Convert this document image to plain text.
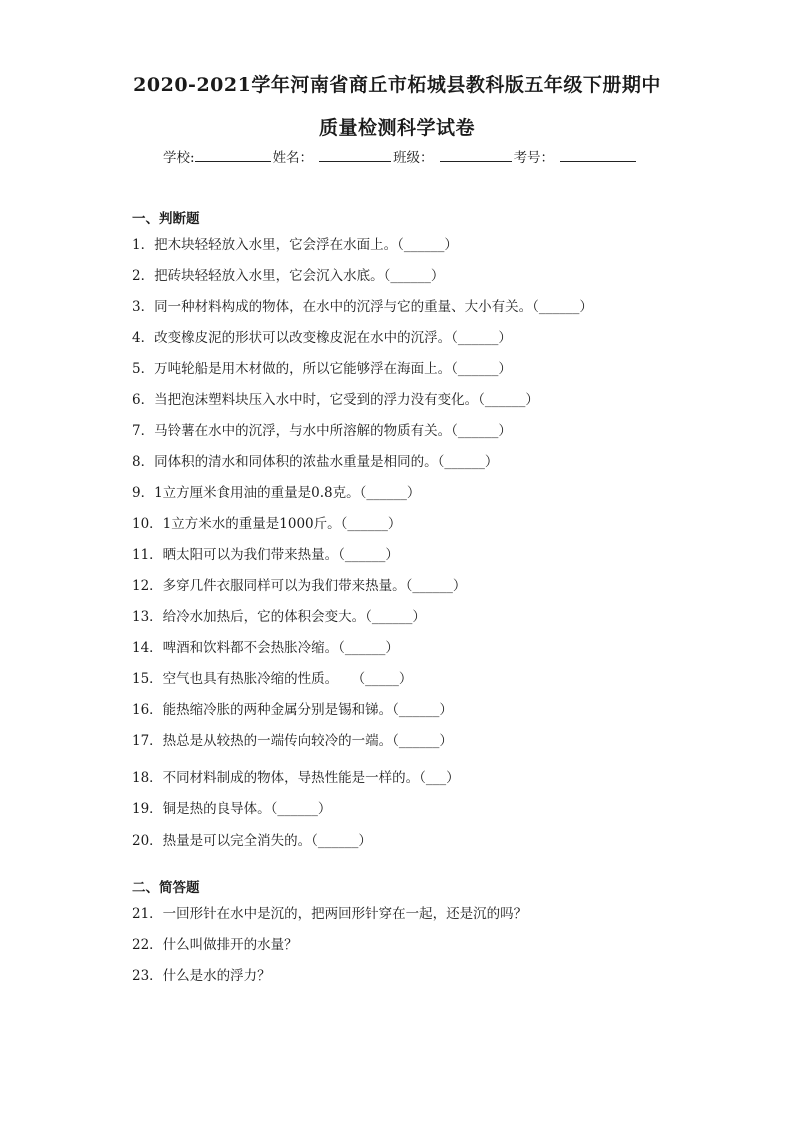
2020-2021学年河南省商丘市柘城县教科版五年级下册期中
质量检测科学试卷
学校:	姓名：	班级：	考号：
一、判断题
1．把木块轻轻放入水里，它会浮在水面上。（______）
2．把砖块轻轻放入水里，它会沉入水底。（______）
3．同一种材料构成的物体，在水中的沉浮与它的重量、大小有关。（______）
4．改变橡皮泥的形状可以改变橡皮泥在水中的沉浮。（______）
5．万吨轮船是用木材做的，所以它能够浮在海面上。（______）
6．当把泡沫塑料块压入水中时，它受到的浮力没有变化。（______）
7．马铃薯在水中的沉浮，与水中所溶解的物质有关。（______）
8．同体积的清水和同体积的浓盐水重量是相同的。（______）
9．1立方厘米食用油的重量是0.8克。（______）
10．1立方米水的重量是1000斤。（______）
11．晒太阳可以为我们带来热量。（______）
12．多穿几件衣服同样可以为我们带来热量。（______）
13．给冷水加热后，它的体积会变大。（______）
14．啤酒和饮料都不会热胀冷缩。（______）
15．空气也具有热胀冷缩的性质。　　（_____）
16．能热缩冷胀的两种金属分别是锡和锑。（______）
17．热总是从较热的一端传向较冷的一端。（______）
18．不同材料制成的物体，导热性能是一样的。（___）
19．铜是热的良导体。（______）
20．热量是可以完全消失的。（______）
二、简答题
21．一回形针在水中是沉的，把两回形针穿在一起，还是沉的吗？
22．什么叫做排开的水量？
23．什么是水的浮力？
